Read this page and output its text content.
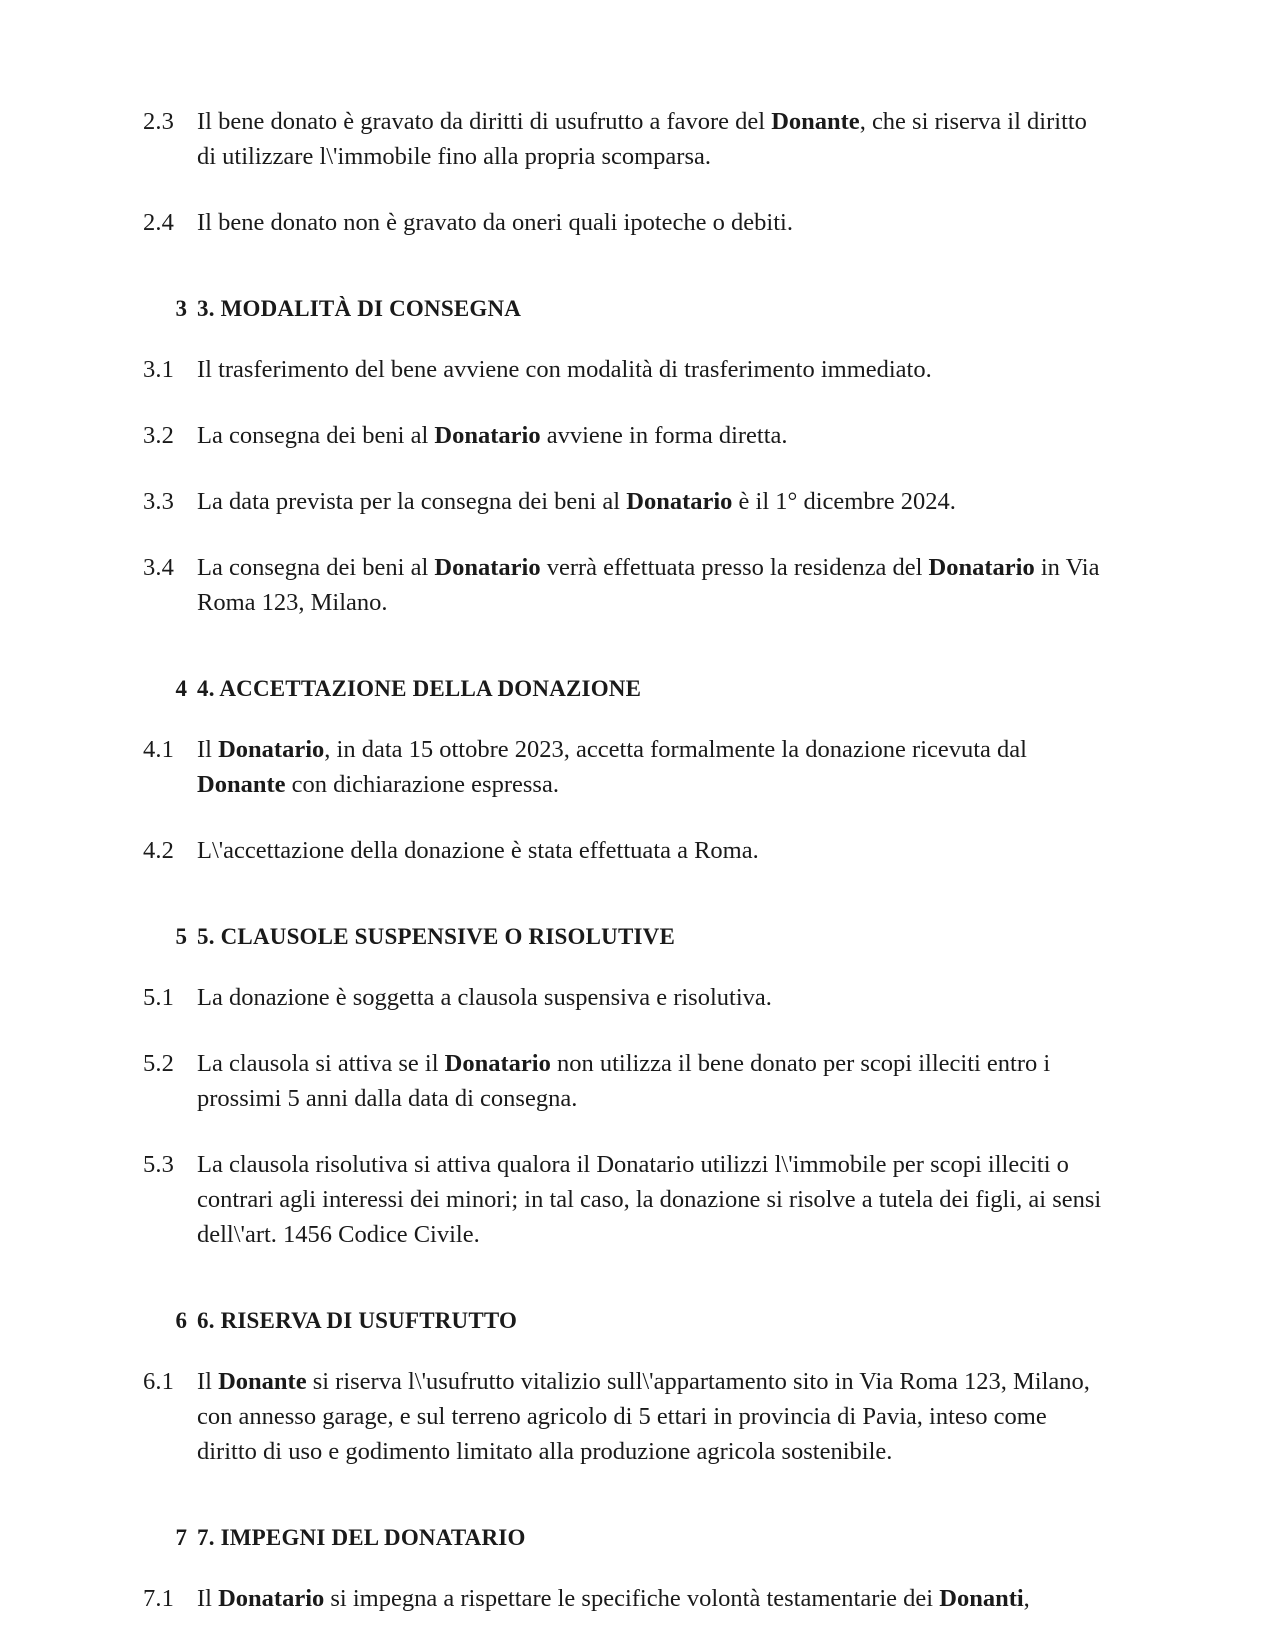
2.3 Il bene donato è gravato da diritti di usufrutto a favore del Donante, che si riserva il diritto di utilizzare l\'immobile fino alla propria scomparsa.
2.4 Il bene donato non è gravato da oneri quali ipoteche o debiti.
3 3. MODALITÀ DI CONSEGNA
3.1 Il trasferimento del bene avviene con modalità di trasferimento immediato.
3.2 La consegna dei beni al Donatario avviene in forma diretta.
3.3 La data prevista per la consegna dei beni al Donatario è il 1° dicembre 2024.
3.4 La consegna dei beni al Donatario verrà effettuata presso la residenza del Donatario in Via Roma 123, Milano.
4 4. ACCETTAZIONE DELLA DONAZIONE
4.1 Il Donatario, in data 15 ottobre 2023, accetta formalmente la donazione ricevuta dal Donante con dichiarazione espressa.
4.2 L\'accettazione della donazione è stata effettuata a Roma.
5 5. CLAUSOLE SUSPENSIVE O RISOLUTIVE
5.1 La donazione è soggetta a clausola suspensiva e risolutiva.
5.2 La clausola si attiva se il Donatario non utilizza il bene donato per scopi illeciti entro i prossimi 5 anni dalla data di consegna.
5.3 La clausola risolutiva si attiva qualora il Donatario utilizzi l\'immobile per scopi illeciti o contrari agli interessi dei minori; in tal caso, la donazione si risolve a tutela dei figli, ai sensi dell\'art. 1456 Codice Civile.
6 6. RISERVA DI USUFTRUTTO
6.1 Il Donante si riserva l\'usufrutto vitalizio sull\'appartamento sito in Via Roma 123, Milano, con annesso garage, e sul terreno agricolo di 5 ettari in provincia di Pavia, inteso come diritto di uso e godimento limitato alla produzione agricola sostenibile.
7 7. IMPEGNI DEL DONATARIO
7.1 Il Donatario si impegna a rispettare le specifiche volontà testamentarie dei Donanti,
